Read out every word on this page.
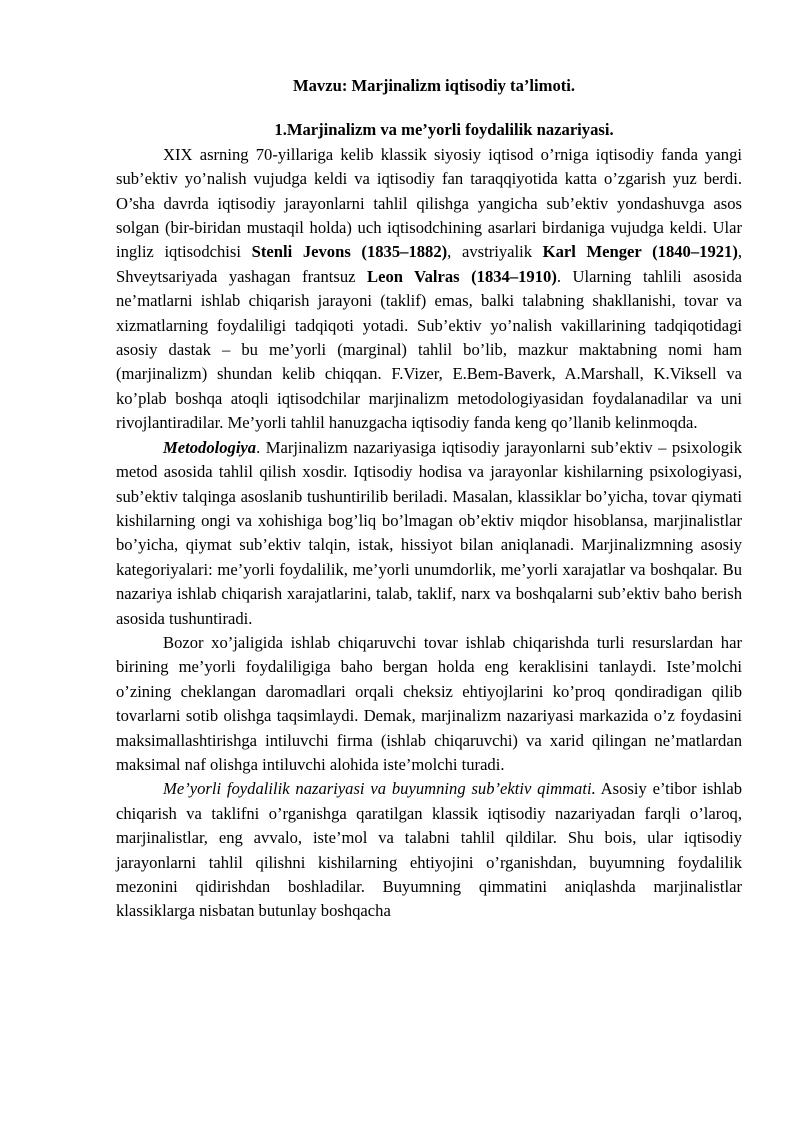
Mavzu: Marjinalizm iqtisodiy ta’limoti.

1.Marjinalizm va me’yorli foydalilik nazariyasi.

XIX asrning 70-yillariga kelib klassik siyosiy iqtisod o’rniga iqtisodiy fanda yangi sub’ektiv yo’nalish vujudga keldi va iqtisodiy fan taraqqiyotida katta o’zgarish yuz berdi. O’sha davrda iqtisodiy jarayonlarni tahlil qilishga yangicha sub’ektiv yondashuvga asos solgan (bir-biridan mustaqil holda) uch iqtisodchining asarlari birdaniga vujudga keldi. Ular ingliz iqtisodchisi Stenli Jevons (1835–1882), avstriyalik Karl Menger (1840–1921), Shveytsariyada yashagan frantsuz Leon Valras (1834–1910). Ularning tahlili asosida ne’matlarni ishlab chiqarish jarayoni (taklif) emas, balki talabning shakllanishi, tovar va xizmatlarning foydaliligi tadqiqoti yotadi. Sub’ektiv yo’nalish vakillarining tadqiqotidagi asosiy dastak – bu me’yorli (marginal) tahlil bo’lib, mazkur maktabning nomi ham (marjinalizm) shundan kelib chiqqan. F.Vizer, E.Bem-Baverk, A.Marshall, K.Viksell va ko’plab boshqa atoqli iqtisodchilar marjinalizm metodologiyasidan foydalanadilar va uni rivojlantiradilar. Me’yorli tahlil hanuzgacha iqtisodiy fanda keng qo’llanib kelinmoqda.

Metodologiya. Marjinalizm nazariyasiga iqtisodiy jarayonlarni sub’ektiv – psixologik metod asosida tahlil qilish xosdir. Iqtisodiy hodisa va jarayonlar kishilarning psixologiyasi, sub’ektiv talqinga asoslanib tushuntirilib beriladi. Masalan, klassiklar bo’yicha, tovar qiymati kishilarning ongi va xohishiga bog’liq bo’lmagan ob’ektiv miqdor hisoblansa, marjinalistlar bo’yicha, qiymat sub’ektiv talqin, istak, hissiyot bilan aniqlanadi. Marjinalizmning asosiy kategoriyalari: me’yorli foydalilik, me’yorli unumdorlik, me’yorli xarajatlar va boshqalar. Bu nazariya ishlab chiqarish xarajatlarini, talab, taklif, narx va boshqalarni sub’ektiv baho berish asosida tushuntiradi.

Bozor xo’jaligida ishlab chiqaruvchi tovar ishlab chiqarishda turli resurslardan har birining me’yorli foydaliligiga baho bergan holda eng keraklisini tanlaydi. Iste’molchi o’zining cheklangan daromadlari orqali cheksiz ehtiyojlarini ko’proq qondiradigan qilib tovarlarni sotib olishga taqsimlaydi. Demak, marjinalizm nazariyasi markazida o’z foydasini maksimallashtirishga intiluvchi firma (ishlab chiqaruvchi) va xarid qilingan ne’matlardan maksimal naf olishga intiluvchi alohida iste’molchi turadi.

Me’yorli foydalilik nazariyasi va buyumning sub’ektiv qimmati. Asosiy e’tibor ishlab chiqarish va taklifni o’rganishga qaratilgan klassik iqtisodiy nazariyadan farqli o’laroq, marjinalistlar, eng avvalo, iste’mol va talabni tahlil qildilar. Shu bois, ular iqtisodiy jarayonlarni tahlil qilishni kishilarning ehtiyojini o’rganishdan, buyumning foydalilik mezonini qidirishdan boshladilar. Buyumning qimmatini aniqlashda marjinalistlar klassiklarga nisbatan butunlay boshqacha
